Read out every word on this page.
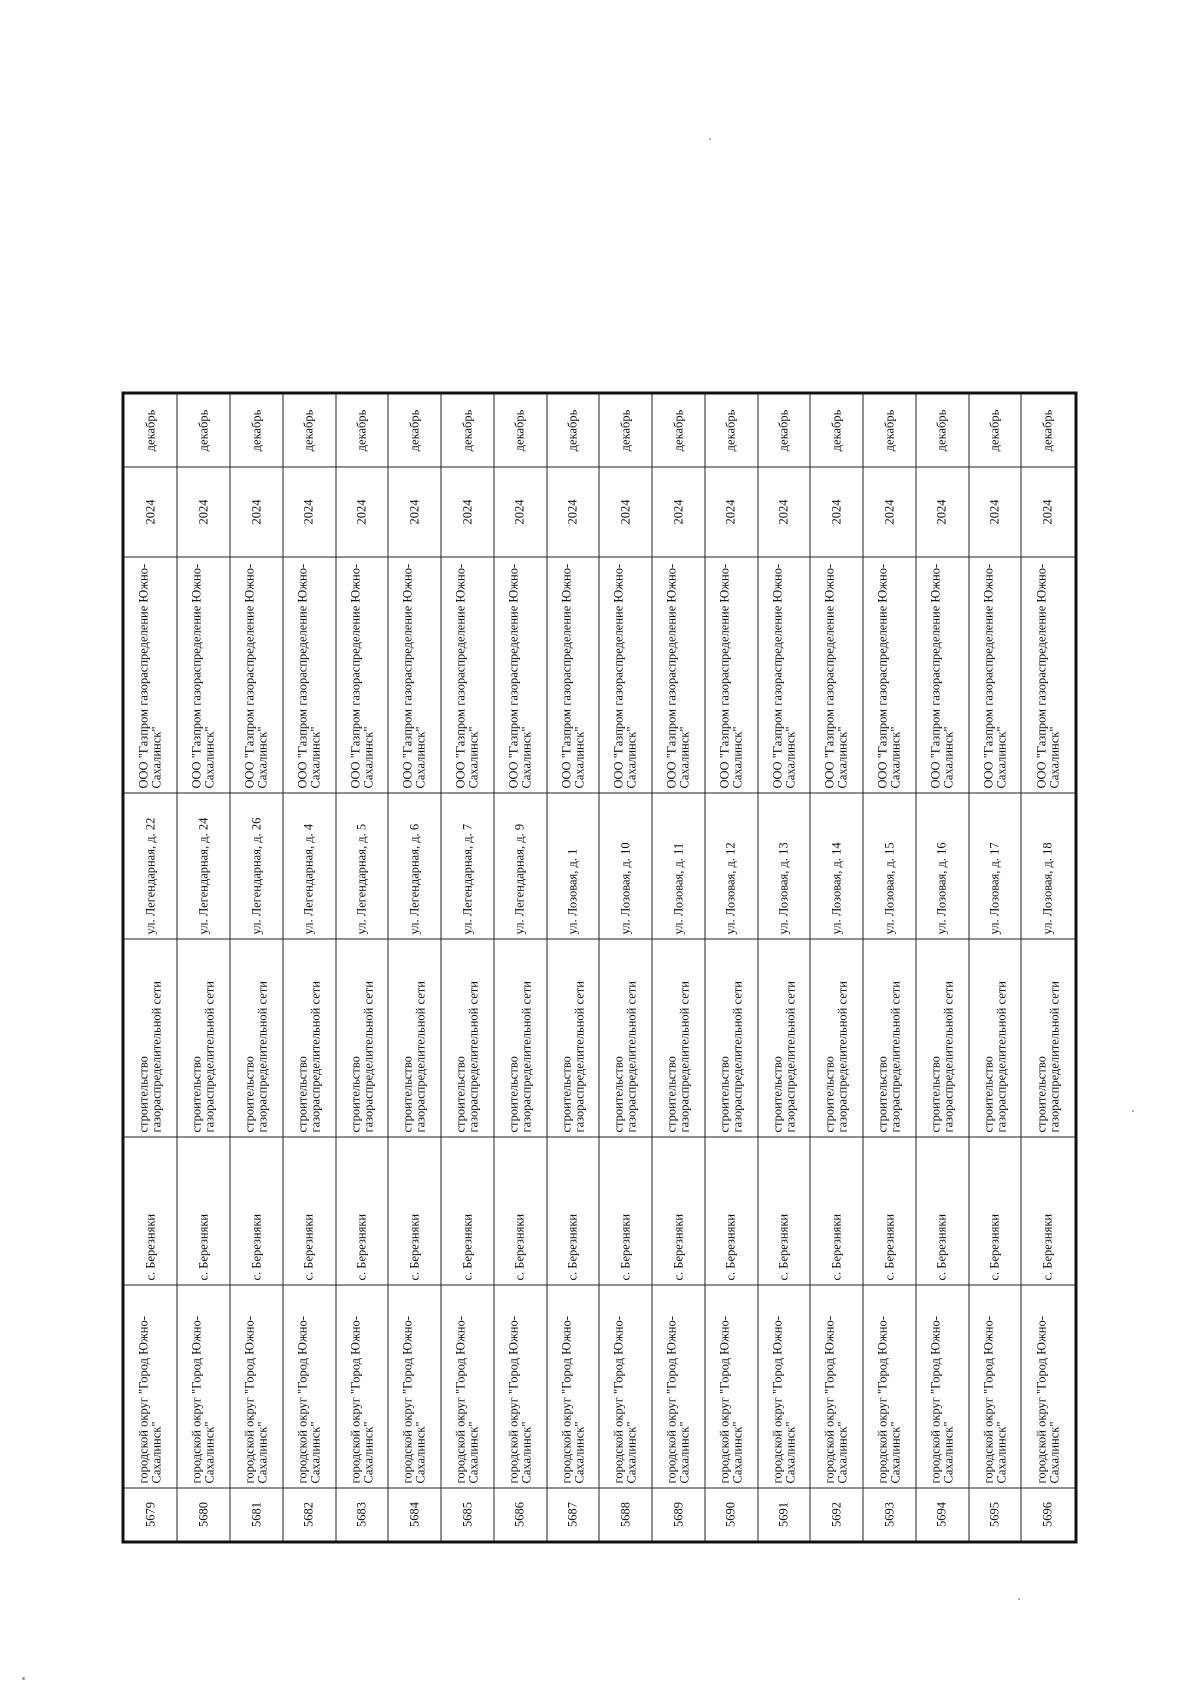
5679	городской округ "Город Южно-Сахалинск"	с. Березняки	строительство газораспределительной сети	ул. Легендарная, д. 22	ООО "Газпром газораспределение Южно-Сахалинск"	2024	декабрь
5680	городской округ "Город Южно-Сахалинск"	с. Березняки	строительство газораспределительной сети	ул. Легендарная, д. 24	ООО "Газпром газораспределение Южно-Сахалинск"	2024	декабрь
5681	городской округ "Город Южно-Сахалинск"	с. Березняки	строительство газораспределительной сети	ул. Легендарная, д. 26	ООО "Газпром газораспределение Южно-Сахалинск"	2024	декабрь
5682	городской округ "Город Южно-Сахалинск"	с. Березняки	строительство газораспределительной сети	ул. Легендарная, д. 4	ООО "Газпром газораспределение Южно-Сахалинск"	2024	декабрь
5683	городской округ "Город Южно-Сахалинск"	с. Березняки	строительство газораспределительной сети	ул. Легендарная, д. 5	ООО "Газпром газораспределение Южно-Сахалинск"	2024	декабрь
5684	городской округ "Город Южно-Сахалинск"	с. Березняки	строительство газораспределительной сети	ул. Легендарная, д. 6	ООО "Газпром газораспределение Южно-Сахалинск"	2024	декабрь
5685	городской округ "Город Южно-Сахалинск"	с. Березняки	строительство газораспределительной сети	ул. Легендарная, д. 7	ООО "Газпром газораспределение Южно-Сахалинск"	2024	декабрь
5686	городской округ "Город Южно-Сахалинск"	с. Березняки	строительство газораспределительной сети	ул. Легендарная, д. 9	ООО "Газпром газораспределение Южно-Сахалинск"	2024	декабрь
5687	городской округ "Город Южно-Сахалинск"	с. Березняки	строительство газораспределительной сети	ул. Лозовая, д. 1	ООО "Газпром газораспределение Южно-Сахалинск"	2024	декабрь
5688	городской округ "Город Южно-Сахалинск"	с. Березняки	строительство газораспределительной сети	ул. Лозовая, д. 10	ООО "Газпром газораспределение Южно-Сахалинск"	2024	декабрь
5689	городской округ "Город Южно-Сахалинск"	с. Березняки	строительство газораспределительной сети	ул. Лозовая, д. 11	ООО "Газпром газораспределение Южно-Сахалинск"	2024	декабрь
5690	городской округ "Город Южно-Сахалинск"	с. Березняки	строительство газораспределительной сети	ул. Лозовая, д. 12	ООО "Газпром газораспределение Южно-Сахалинск"	2024	декабрь
5691	городской округ "Город Южно-Сахалинск"	с. Березняки	строительство газораспределительной сети	ул. Лозовая, д. 13	ООО "Газпром газораспределение Южно-Сахалинск"	2024	декабрь
5692	городской округ "Город Южно-Сахалинск"	с. Березняки	строительство газораспределительной сети	ул. Лозовая, д. 14	ООО "Газпром газораспределение Южно-Сахалинск"	2024	декабрь
5693	городской округ "Город Южно-Сахалинск"	с. Березняки	строительство газораспределительной сети	ул. Лозовая, д. 15	ООО "Газпром газораспределение Южно-Сахалинск"	2024	декабрь
5694	городской округ "Город Южно-Сахалинск"	с. Березняки	строительство газораспределительной сети	ул. Лозовая, д. 16	ООО "Газпром газораспределение Южно-Сахалинск"	2024	декабрь
5695	городской округ "Город Южно-Сахалинск"	с. Березняки	строительство газораспределительной сети	ул. Лозовая, д. 17	ООО "Газпром газораспределение Южно-Сахалинск"	2024	декабрь
5696	городской округ "Город Южно-Сахалинск"	с. Березняки	строительство газораспределительной сети	ул. Лозовая, д. 18	ООО "Газпром газораспределение Южно-Сахалинск"	2024	декабрь
